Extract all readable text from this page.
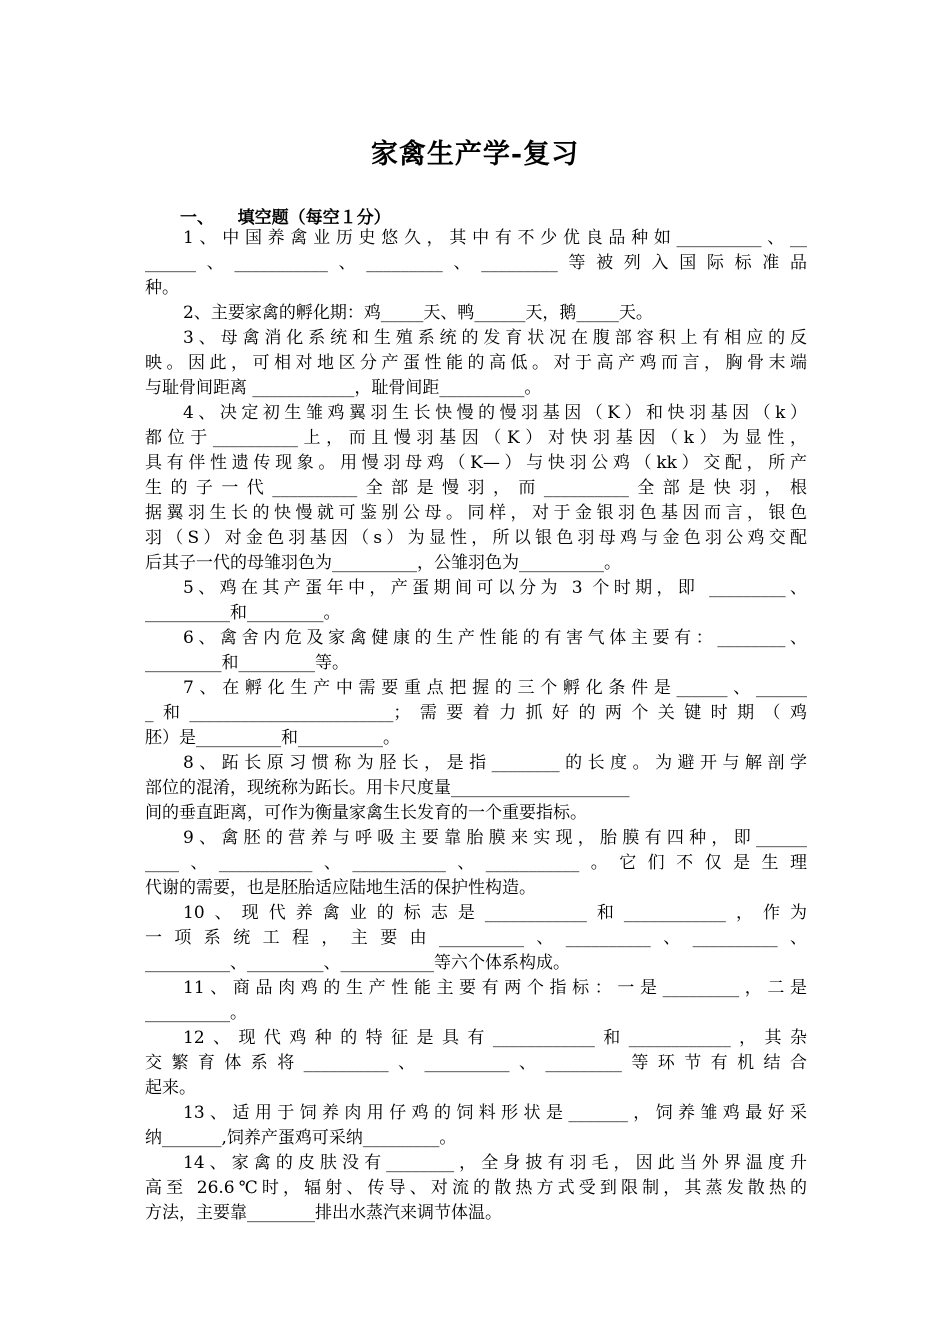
家禽生产学-复习
一、    填空题（每空１分）
1、中国养禽业历史悠久，其中有不少优良品种如__________、__
______、___________、_________、_________等被列入国际标准品
种。
2、主要家禽的孵化期：鸡_____天、鸭______天，鹅_____天。
3、母禽消化系统和生殖系统的发育状况在腹部容积上有相应的反
映。因此，可相对地区分产蛋性能的高低。对于高产鸡而言，胸骨末端
与耻骨间距离 ____________，耻骨间距__________。
4、决定初生雏鸡翼羽生长快慢的慢羽基因（K）和快羽基因（k）
都位于__________上，而且慢羽基因（K）对快羽基因（k）为显性，
具有伴性遗传现象。用慢羽母鸡（K—）与快羽公鸡（kk）交配，所产
生的子一代__________全部是慢羽，而__________全部是快羽，根
据翼羽生长的快慢就可鉴别公母。同样，对于金银羽色基因而言，银色
羽（S）对金色羽基因（s）为显性，所以银色羽母鸡与金色羽公鸡交配
后其子一代的母雏羽色为__________，公雏羽色为__________。
5、鸡在其产蛋年中，产蛋期间可以分为 3 个时期，即 _________、
__________和_________。
6、禽舍内危及家禽健康的生产性能的有害气体主要有：________、
_________和_________等。
7、在孵化生产中需要重点把握的三个孵化条件是______、______
_和________________________；需要着力抓好的两个关键时期（鸡
胚）是__________和__________。
8、跖长原习惯称为胫长，是指________的长度。为避开与解剖学
部位的混淆，现统称为跖长。用卡尺度量_____________________
间的垂直距离，可作为衡量家禽生长发育的一个重要指标。
9、禽胚的营养与呼吸主要靠胎膜来实现，胎膜有四种，即______
____、___________、___________、___________。它们不仅是生理
代谢的需要，也是胚胎适应陆地生活的保护性构造。
10、现代养禽业的标志是____________和____________，作为
一项系统工程，主要由__________、__________、__________、
__________、_________、___________等六个体系构成。
11、商品肉鸡的生产性能主要有两个指标：一是_________，二是
__________。
12、现代鸡种的特征是具有____________和____________，其杂
交繁育体系将__________、__________、_________等环节有机结合
起来。
13、适用于饲养肉用仔鸡的饲料形状是_______，饲养雏鸡最好采
纳_______,饲养产蛋鸡可采纳_________。
14、家禽的皮肤没有________，全身披有羽毛，因此当外界温度升
高至 26.6℃时，辐射、传导、对流的散热方式受到限制，其蒸发散热的
方法，主要靠________排出水蒸汽来调节体温。
